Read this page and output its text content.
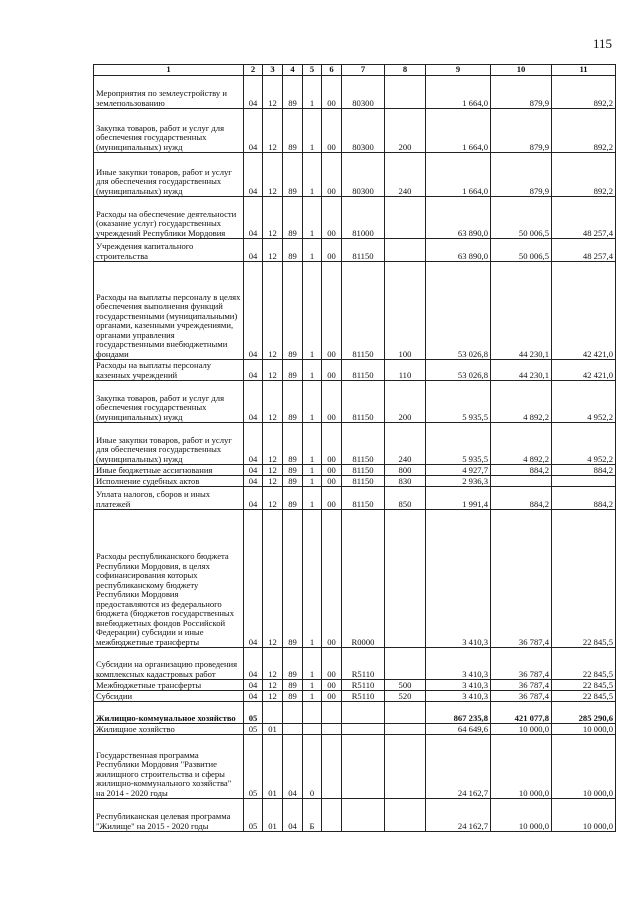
115
1	2	3	4	5	6	7	8	9	10	11
Мероприятия по землеустройству и землепользованию	04	12	89	1	00	80300		1 664,0	879,9	892,2
Закупка товаров, работ и услуг для обеспечения государственных (муниципальных) нужд	04	12	89	1	00	80300	200	1 664,0	879,9	892,2
Иные закупки товаров, работ и услуг для обеспечения государственных (муниципальных) нужд	04	12	89	1	00	80300	240	1 664,0	879,9	892,2
Расходы на обеспечение деятельности (оказание услуг) государственных учреждений Республики Мордовия	04	12	89	1	00	81000		63 890,0	50 006,5	48 257,4
Учреждения капитального строительства	04	12	89	1	00	81150		63 890,0	50 006,5	48 257,4
Расходы на выплаты персоналу в целях обеспечения выполнения функций государственными (муниципальными) органами, казенными учреждениями, органами управления государственными внебюджетными фондами	04	12	89	1	00	81150	100	53 026,8	44 230,1	42 421,0
Расходы на выплаты персоналу казенных учреждений	04	12	89	1	00	81150	110	53 026,8	44 230,1	42 421,0
Закупка товаров, работ и услуг для обеспечения государственных (муниципальных) нужд	04	12	89	1	00	81150	200	5 935,5	4 892,2	4 952,2
Иные закупки товаров, работ и услуг для обеспечения государственных (муниципальных) нужд	04	12	89	1	00	81150	240	5 935,5	4 892,2	4 952,2
Иные бюджетные ассигнования	04	12	89	1	00	81150	800	4 927,7	884,2	884,2
Исполнение судебных актов	04	12	89	1	00	81150	830	2 936,3		
Уплата налогов, сборов и иных платежей	04	12	89	1	00	81150	850	1 991,4	884,2	884,2
Расходы республиканского бюджета Республики Мордовия, в целях софинансирования которых республиканскому бюджету Республики Мордовия предоставляются из федерального бюджета (бюджетов государственных внебюджетных фондов Российской Федерации) субсидии и иные межбюджетные трансферты	04	12	89	1	00	R0000		3 410,3	36 787,4	22 845,5
Субсидии на организацию проведения комплексных кадастровых работ	04	12	89	1	00	R5110		3 410,3	36 787,4	22 845,5
Межбюджетные трансферты	04	12	89	1	00	R5110	500	3 410,3	36 787,4	22 845,5
Субсидии	04	12	89	1	00	R5110	520	3 410,3	36 787,4	22 845,5
Жилищно-коммунальное хозяйство	05							867 235,8	421 077,8	285 290,6
Жилищное хозяйство	05	01						64 649,6	10 000,0	10 000,0
Государственная программа Республики Мордовия "Развитие жилищного строительства и сферы жилищно-коммунального хозяйства" на 2014 - 2020 годы	05	01	04	0				24 162,7	10 000,0	10 000,0
Республиканская целевая программа "Жилище" на 2015 - 2020 годы	05	01	04	Б				24 162,7	10 000,0	10 000,0
